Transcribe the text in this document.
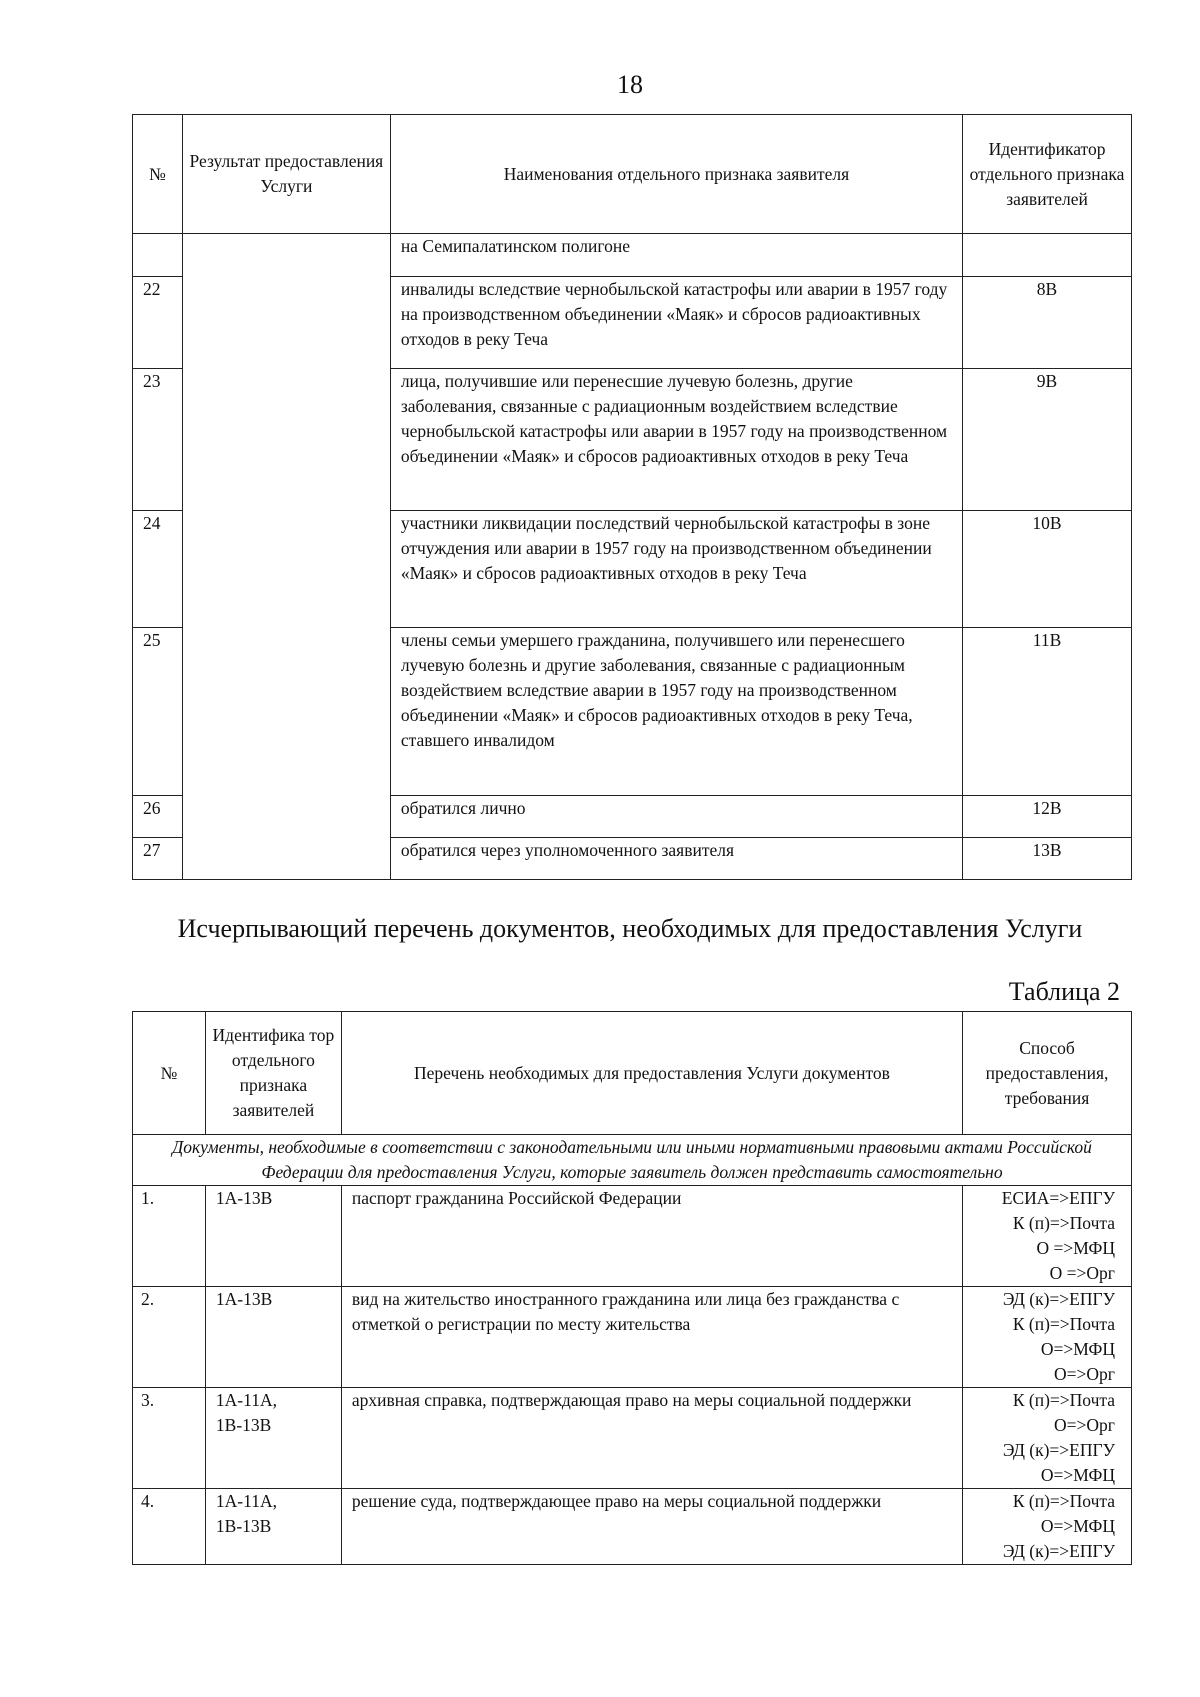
18
№	Результат предоставления Услуги	Наименования отдельного признака заявителя	Идентификатор отдельного признака заявителей
		на Семипалатинском полигоне	
22		инвалиды вследствие чернобыльской катастрофы или аварии в 1957 году на производственном объединении «Маяк» и сбросов радиоактивных отходов в реку Теча	8В
23		лица, получившие или перенесшие лучевую болезнь, другие заболевания, связанные с радиационным воздействием вследствие чернобыльской катастрофы или аварии в 1957 году на производственном объединении «Маяк» и сбросов радиоактивных отходов в реку Теча	9В
24		участники ликвидации последствий чернобыльской катастрофы в зоне отчуждения или аварии в 1957 году на производственном объединении «Маяк» и сбросов радиоактивных отходов в реку Теча	10В
25		члены семьи умершего гражданина, получившего или перенесшего лучевую болезнь и другие заболевания, связанные с радиационным воздействием вследствие аварии в 1957 году на производственном объединении «Маяк» и сбросов радиоактивных отходов в реку Теча, ставшего инвалидом	11В
26		обратился лично	12В
27		обратился через уполномоченного заявителя	13В
Исчерпывающий перечень документов, необходимых для предоставления Услуги
Таблица 2
№	Идентифика тор отдельного признака заявителей	Перечень необходимых для предоставления Услуги документов	Способ предоставления, требования
Документы, необходимые в соответствии с законодательными или иными нормативными правовыми актами Российской Федерации для предоставления Услуги, которые заявитель должен представить самостоятельно			
1.	1А-13В	паспорт гражданина Российской Федерации	ЕСИА=>ЕПГУ
К (п)=>Почта
О =>МФЦ
О =>Орг
2.	1А-13В	вид на жительство иностранного гражданина или лица без гражданства с отметкой о регистрации по месту жительства	ЭД (к)=>ЕПГУ
К (п)=>Почта
О=>МФЦ
О=>Орг
3.	1А-11А, 1В-13В	архивная справка, подтверждающая право на меры социальной поддержки	К (п)=>Почта
О=>Орг
ЭД (к)=>ЕПГУ
О=>МФЦ
4.	1А-11А, 1В-13В	решение суда, подтверждающее право на меры социальной поддержки	К (п)=>Почта
О=>МФЦ
ЭД (к)=>ЕПГУ
